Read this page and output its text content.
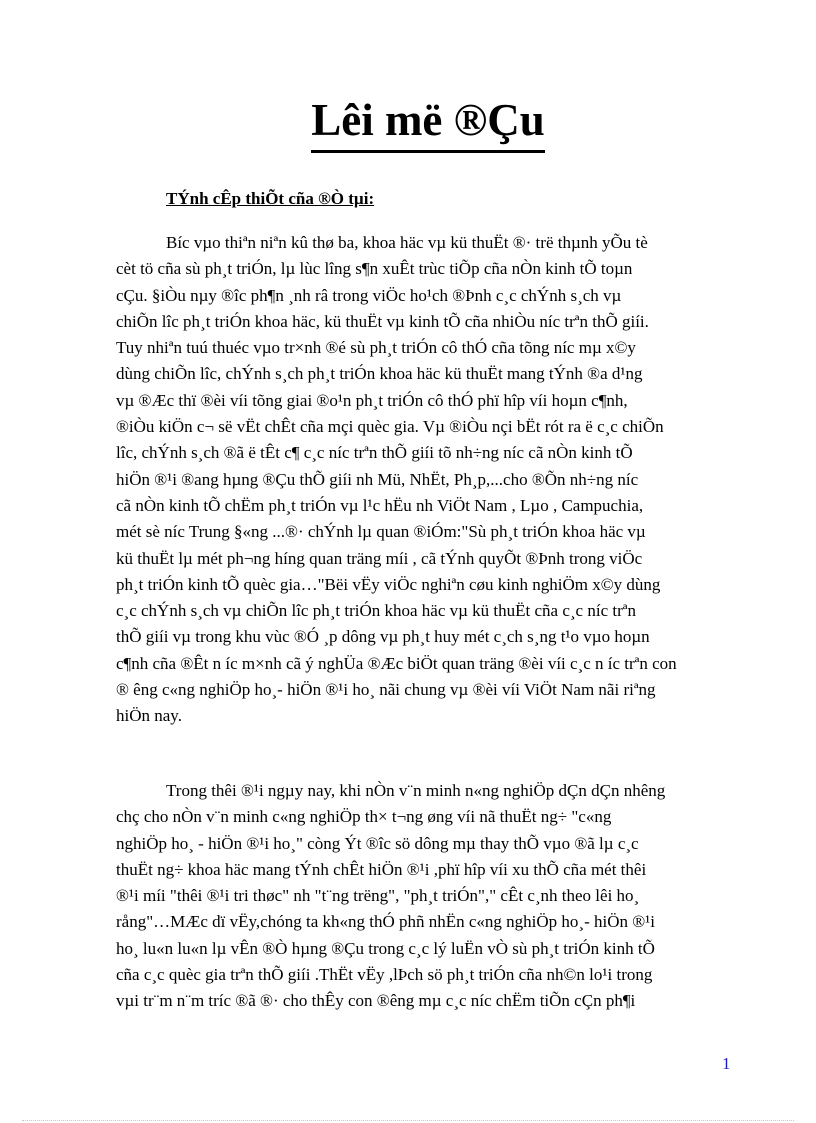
Lêi më ®Çu
TÝnh cÊp thiÕt cña ®Ò tµi:
Bíc vµo thiªn niªn kû thø ba, khoa häc vµ kü thuËt ®· trë thµnh yÕu tè
cèt tö cña sù ph¸t triÓn, lµ lùc lîng s¶n xuÊt trùc tiÕp cña nÒn kinh tÕ toµn
cÇu. §iÒu nµy ®îc ph¶n ¸nh râ trong viÖc ho¹ch ®Þnh c¸c chÝnh s¸ch vµ
chiÕn lîc ph¸t triÓn khoa häc, kü thuËt vµ kinh tÕ cña nhiÒu níc trªn thÕ giíi.
Tuy nhiªn tuú thuéc vµo tr×nh ®é sù ph¸t triÓn cô thÓ cña tõng níc mµ x©y
dùng chiÕn lîc, chÝnh s¸ch ph¸t triÓn khoa häc kü thuËt mang tÝnh ®a d¹ng
vµ ®Æc thï ®èi víi tõng giai ®o¹n ph¸t triÓn cô thÓ phï hîp víi hoµn c¶nh,
®iÒu kiÖn c¬ së vËt chÊt cña mçi quèc gia. Vµ ®iÒu nçi bËt rót ra ë c¸c chiÕn
lîc, chÝnh s¸ch ®ã ë tÊt c¶ c¸c níc trªn thÕ giíi tõ nh÷ng níc cã nÒn kinh tÕ
hiÖn ®¹i ®ang hµng ®Çu thÕ giíi nh Mü, NhËt, Ph¸p,...cho ®Õn nh÷ng níc
cã nÒn kinh tÕ chËm ph¸t triÓn vµ l¹c hËu nh ViÖt Nam , Lµo , Campuchia,
mét sè níc Trung §«ng ...®· chÝnh lµ quan ®iÓm:"Sù ph¸t triÓn khoa häc vµ
kü thuËt lµ mét ph¬ng híng quan träng míi , cã tÝnh quyÕt ®Þnh trong viÖc
ph¸t triÓn kinh tÕ quèc gia…"Bëi vËy viÖc nghiªn cøu kinh nghiÖm x©y dùng
c¸c chÝnh s¸ch vµ chiÕn lîc ph¸t triÓn khoa häc vµ kü thuËt cña c¸c níc trªn
thÕ giíi vµ trong khu vùc ®Ó ¸p dông vµ ph¸t huy mét c¸ch s¸ng t¹o vµo hoµn
c¶nh cña ®Êt n íc m×nh cã ý nghÜa ®Æc biÖt quan träng ®èi víi c¸c n íc trªn con
® êng c«ng nghiÖp ho¸- hiÖn ®¹i ho¸ nãi chung vµ ®èi víi ViÖt Nam nãi riªng
hiÖn nay.
Trong thêi ®¹i ngµy nay, khi nÒn v¨n minh n«ng nghiÖp dÇn dÇn nhêng
chç cho nÒn v¨n minh c«ng nghiÖp th× t¬ng øng víi nã thuËt ng÷ "c«ng
nghiÖp ho¸ - hiÖn ®¹i ho¸" còng Ýt ®îc sö dông mµ thay thÕ vµo ®ã lµ c¸c
thuËt ng÷ khoa häc mang tÝnh chÊt hiÖn ®¹i ,phï hîp víi xu thÕ cña mét thêi
®¹i míi "thêi ®¹i tri thøc" nh "t¨ng trëng", "ph¸t triÓn"," cÊt c¸nh theo lêi ho¸
rång"…MÆc dï vËy,chóng ta kh«ng thÓ phñ nhËn c«ng nghiÖp ho¸- hiÖn ®¹i
ho¸ lu«n lu«n lµ vÊn ®Ò hµng ®Çu trong c¸c lý luËn vÒ sù ph¸t triÓn kinh tÕ
cña c¸c quèc gia trªn thÕ giíi .ThËt vËy ,lÞch sö ph¸t triÓn cña nh©n lo¹i trong
vµi tr¨m n¨m tríc ®ã ®· cho thÊy con ®êng mµ c¸c níc chËm tiÕn cÇn ph¶i
1
